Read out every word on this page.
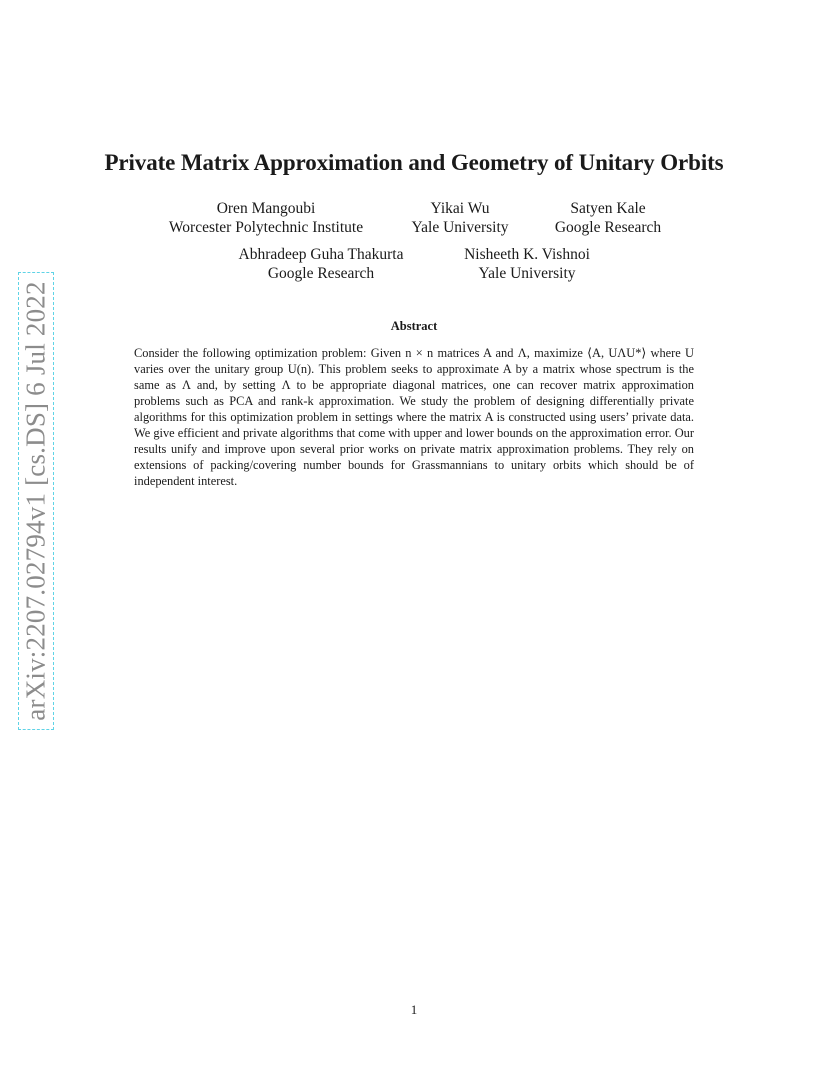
arXiv:2207.02794v1 [cs.DS] 6 Jul 2022
Private Matrix Approximation and Geometry of Unitary Orbits
Oren Mangoubi
Worcester Polytechnic Institute
Yikai Wu
Yale University
Satyen Kale
Google Research
Abhradeep Guha Thakurta
Google Research
Nisheeth K. Vishnoi
Yale University
Abstract
Consider the following optimization problem: Given n × n matrices A and Λ, maximize ⟨A, UΛU*⟩ where U varies over the unitary group U(n). This problem seeks to approximate A by a matrix whose spectrum is the same as Λ and, by setting Λ to be appropriate diagonal matrices, one can recover matrix approximation problems such as PCA and rank-k approximation. We study the problem of designing differentially private algorithms for this optimization problem in settings where the matrix A is constructed using users’ private data. We give efficient and private algorithms that come with upper and lower bounds on the approximation error. Our results unify and improve upon several prior works on private matrix approximation problems. They rely on extensions of packing/covering number bounds for Grassmannians to unitary orbits which should be of independent interest.
1
